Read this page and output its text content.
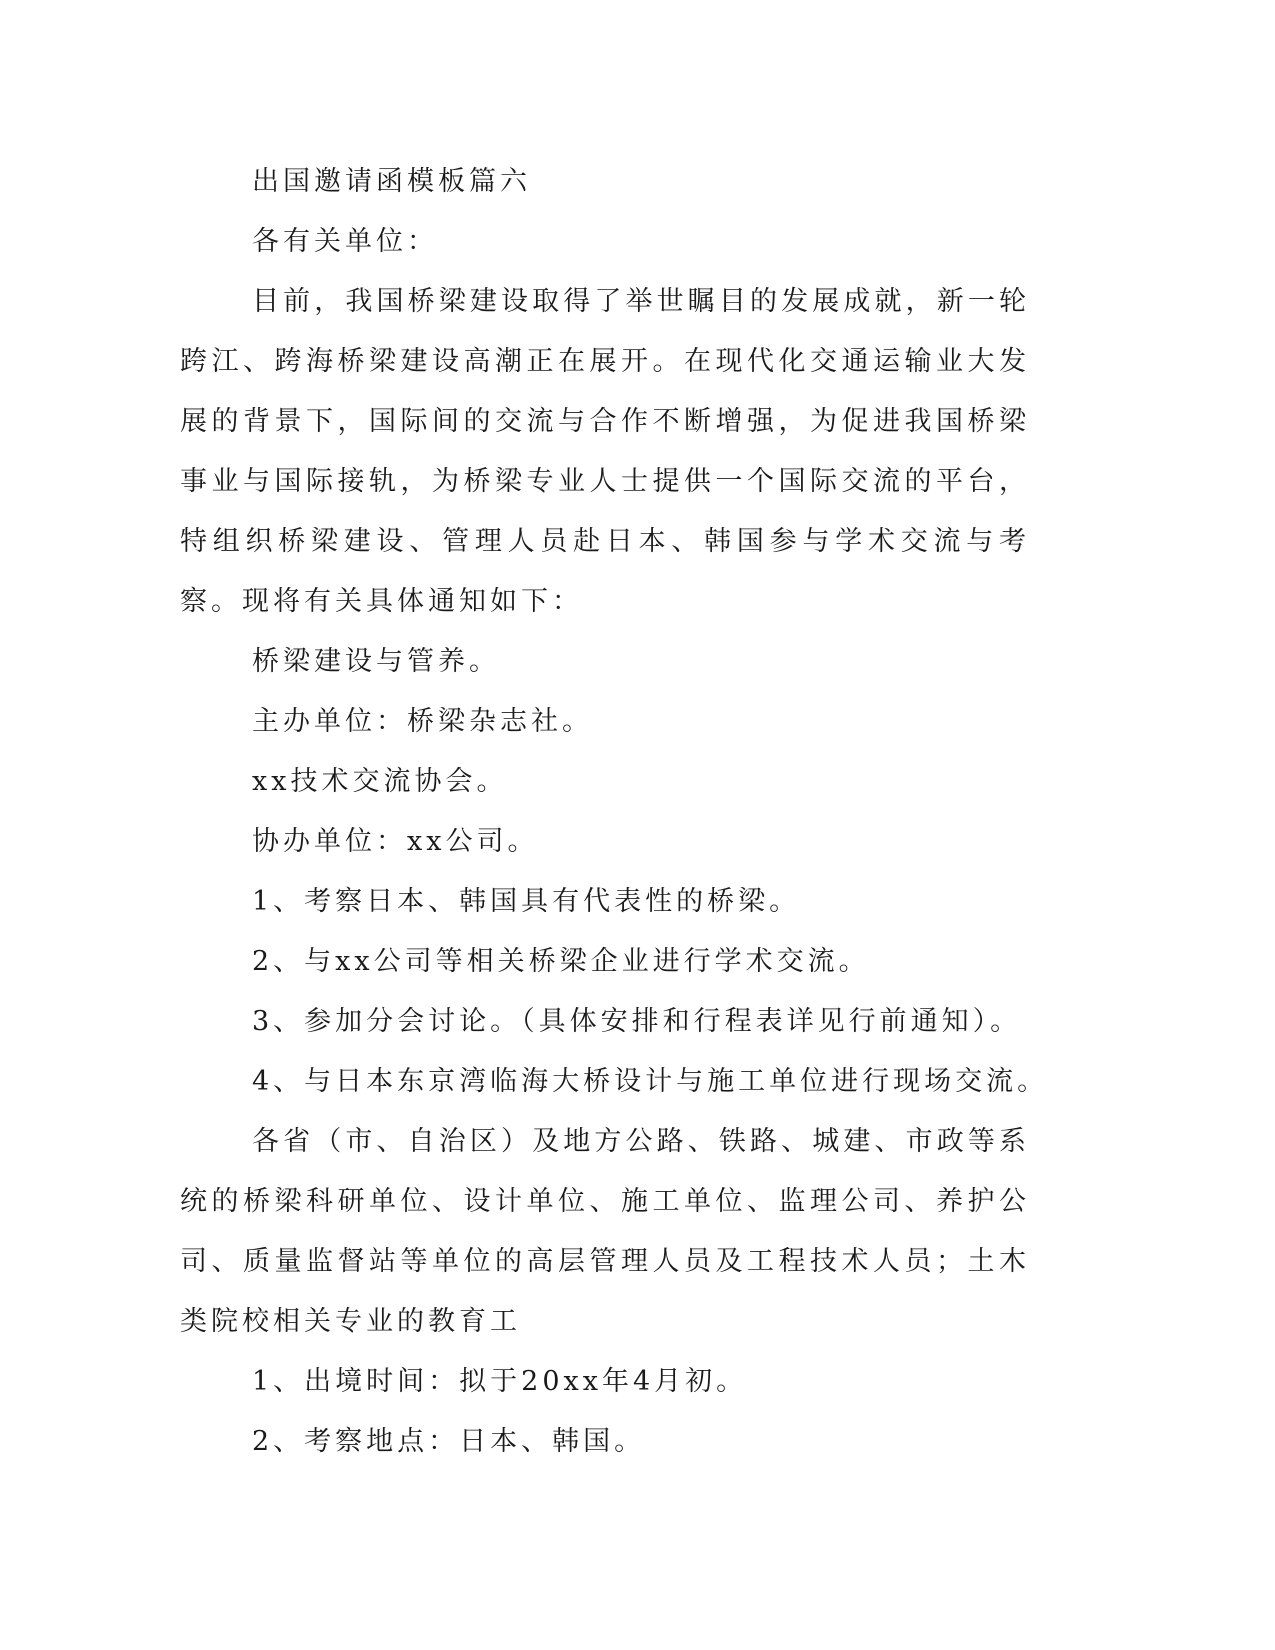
出国邀请函模板篇六
各有关单位：

目前，我国桥梁建设取得了举世瞩目的发展成就，新一轮跨江、跨海桥梁建设高潮正在展开。在现代化交通运输业大发展的背景下，国际间的交流与合作不断增强，为促进我国桥梁事业与国际接轨，为桥梁专业人士提供一个国际交流的平台，特组织桥梁建设、管理人员赴日本、韩国参与学术交流与考察。现将有关具体通知如下：

桥梁建设与管养。
主办单位：桥梁杂志社。
xx技术交流协会。
协办单位：xx公司。
1、考察日本、韩国具有代表性的桥梁。
2、与xx公司等相关桥梁企业进行学术交流。
3、参加分会讨论。（具体安排和行程表详见行前通知）。
4、与日本东京湾临海大桥设计与施工单位进行现场交流。

各省（市、自治区）及地方公路、铁路、城建、市政等系统的桥梁科研单位、设计单位、施工单位、监理公司、养护公司、质量监督站等单位的高层管理人员及工程技术人员；土木类院校相关专业的教育工

1、出境时间：拟于20xx年4月初。
2、考察地点：日本、韩国。
